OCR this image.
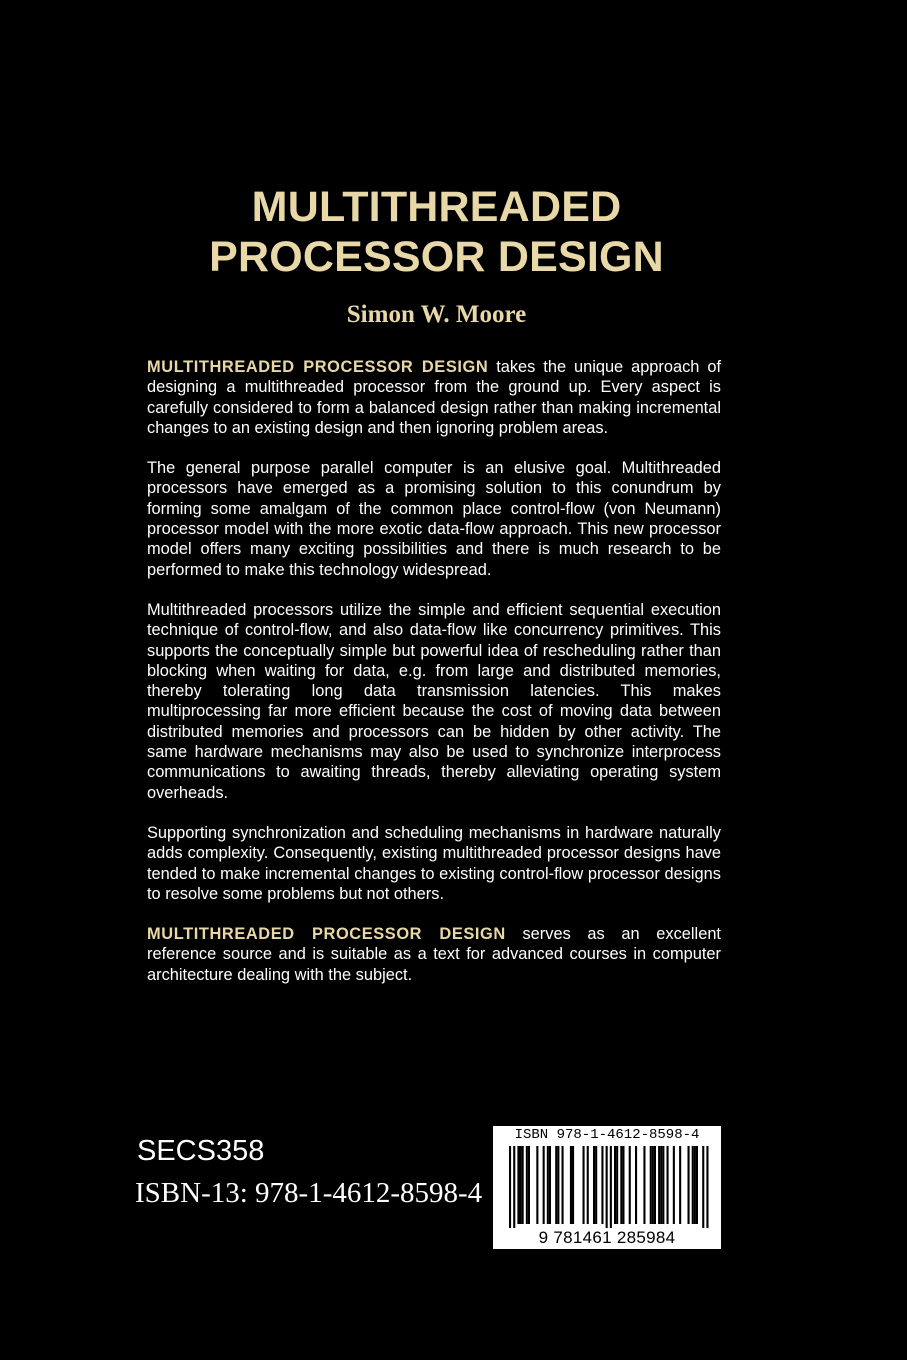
MULTITHREADED
PROCESSOR DESIGN
Simon W. Moore

MULTITHREADED PROCESSOR DESIGN takes the unique approach of designing a multithreaded processor from the ground up. Every aspect is carefully considered to form a balanced design rather than making incremental changes to an existing design and then ignoring problem areas.

The general purpose parallel computer is an elusive goal. Multithreaded processors have emerged as a promising solution to this conundrum by forming some amalgam of the common place control-flow (von Neumann) processor model with the more exotic data-flow approach. This new processor model offers many exciting possibilities and there is much research to be performed to make this technology widespread.

Multithreaded processors utilize the simple and efficient sequential execution technique of control-flow, and also data-flow like concurrency primitives. This supports the conceptually simple but powerful idea of rescheduling rather than blocking when waiting for data, e.g. from large and distributed memories, thereby tolerating long data transmission latencies. This makes multiprocessing far more efficient because the cost of moving data between distributed memories and processors can be hidden by other activity. The same hardware mechanisms may also be used to synchronize interprocess communications to awaiting threads, thereby alleviating operating system overheads.

Supporting synchronization and scheduling mechanisms in hardware naturally adds complexity. Consequently, existing multithreaded processor designs have tended to make incremental changes to existing control-flow processor designs to resolve some problems but not others.

MULTITHREADED PROCESSOR DESIGN serves as an excellent reference source and is suitable as a text for advanced courses in computer architecture dealing with the subject.

SECS358
ISBN-13: 978-1-4612-8598-4
ISBN 978-1-4612-8598-4
9 781461 285984
